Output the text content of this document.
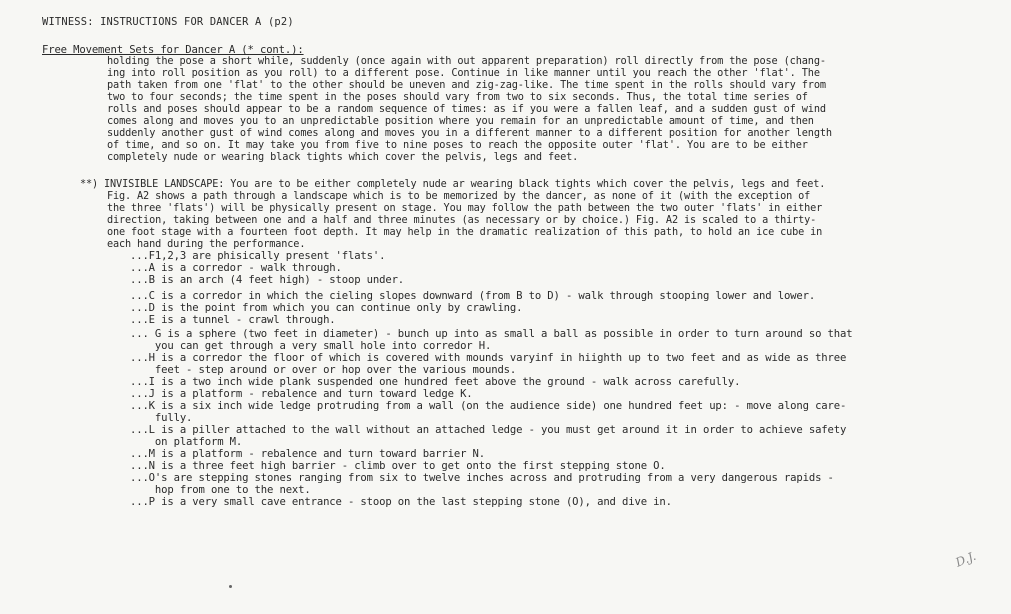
WITNESS: INSTRUCTIONS FOR DANCER A (p2)
Free Movement Sets for Dancer A (* cont.):
holding the pose a short while, suddenly (once again with out apparent preparation) roll directly from the pose (chang-
ing into roll position as you roll) to a different pose. Continue in like manner until you reach the other 'flat'. The
path taken from one 'flat' to the other should be uneven and zig-zag-like. The time spent in the rolls should vary from
two to four seconds; the time spent in the poses should vary from two to six seconds. Thus, the total time series of
rolls and poses should appear to be a random sequence of times: as if you were a fallen leaf, and a sudden gust of wind
comes along and moves you to an unpredictable position where you remain for an unpredictable amount of time, and then
suddenly another gust of wind comes along and moves you in a different manner to a different position for another length
of time, and so on. It may take you from five to nine poses to reach the opposite outer 'flat'. You are to be either
completely nude or wearing black tights which cover the pelvis, legs and feet.
**) INVISIBLE LANDSCAPE: You are to be either completely nude ar wearing black tights which cover the pelvis, legs and feet.
Fig. A2 shows a path through a landscape which is to be memorized by the dancer, as none of it (with the exception of
the three 'flats') will be physically present on stage. You may follow the path between the two outer 'flats' in either
direction, taking between one and a half and three minutes (as necessary or by choice.) Fig. A2 is scaled to a thirty-
one foot stage with a fourteen foot depth. It may help in the dramatic realization of this path, to hold an ice cube in
each hand during the performance.
...F1,2,3 are phisically present 'flats'.
...A is a corredor - walk through.
...B is an arch (4 feet high) - stoop under.
...C is a corredor in which the cieling slopes downward (from B to D) - walk through stooping lower and lower.
...D is the point from which you can continue only by crawling.
...E is a tunnel - crawl through.
... G is a sphere (two feet in diameter) - bunch up into as small a ball as possible in order to turn around so that
you can get through a very small hole into corredor H.
...H is a corredor the floor of which is covered with mounds varyinf in hiighth up to two feet and as wide as three
feet - step around or over or hop over the various mounds.
...I is a two inch wide plank suspended one hundred feet above the ground - walk across carefully.
...J is a platform - rebalence and turn toward ledge K.
...K is a six inch wide ledge protruding from a wall (on the audience side) one hundred feet up: - move along care-
fully.
...L is a piller attached to the wall without an attached ledge - you must get around it in order to achieve safety
on platform M.
...M is a platform - rebalence and turn toward barrier N.
...N is a three feet high barrier - climb over to get onto the first stepping stone O.
...O's are stepping stones ranging from six to twelve inches across and protruding from a very dangerous rapids -
hop from one to the next.
...P is a very small cave entrance - stoop on the last stepping stone (O), and dive in.
D.J.
